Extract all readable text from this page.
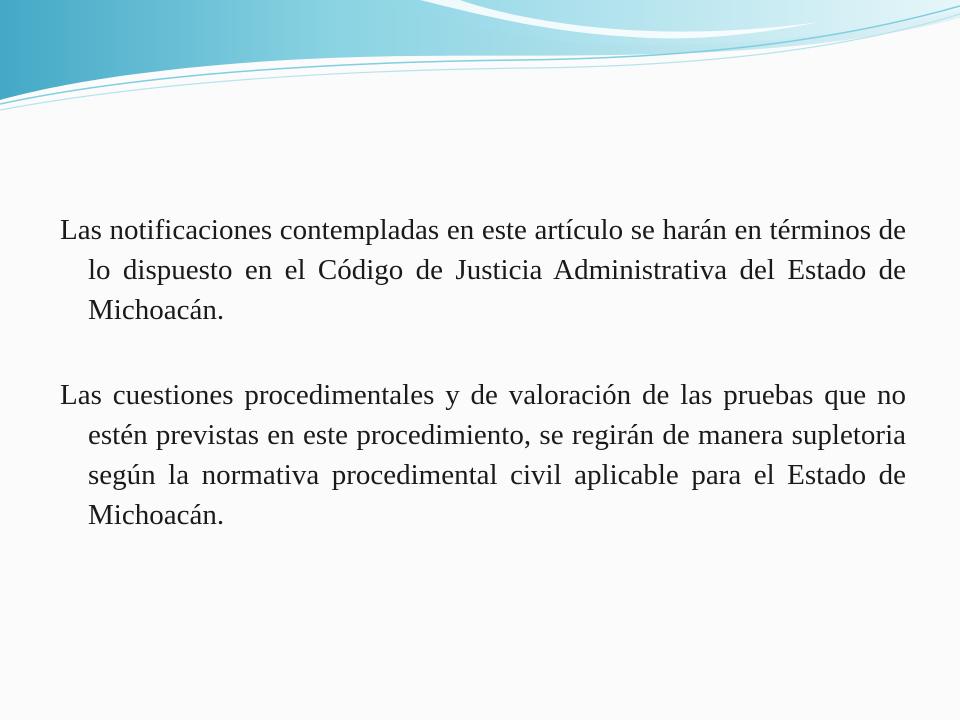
Las notificaciones contempladas en este artículo se harán en términos de lo dispuesto en el Código de Justicia Administrativa del Estado de Michoacán.

Las cuestiones procedimentales y de valoración de las pruebas que no estén previstas en este procedimiento, se regirán de manera supletoria según la normativa procedimental civil aplicable para el Estado de Michoacán.
